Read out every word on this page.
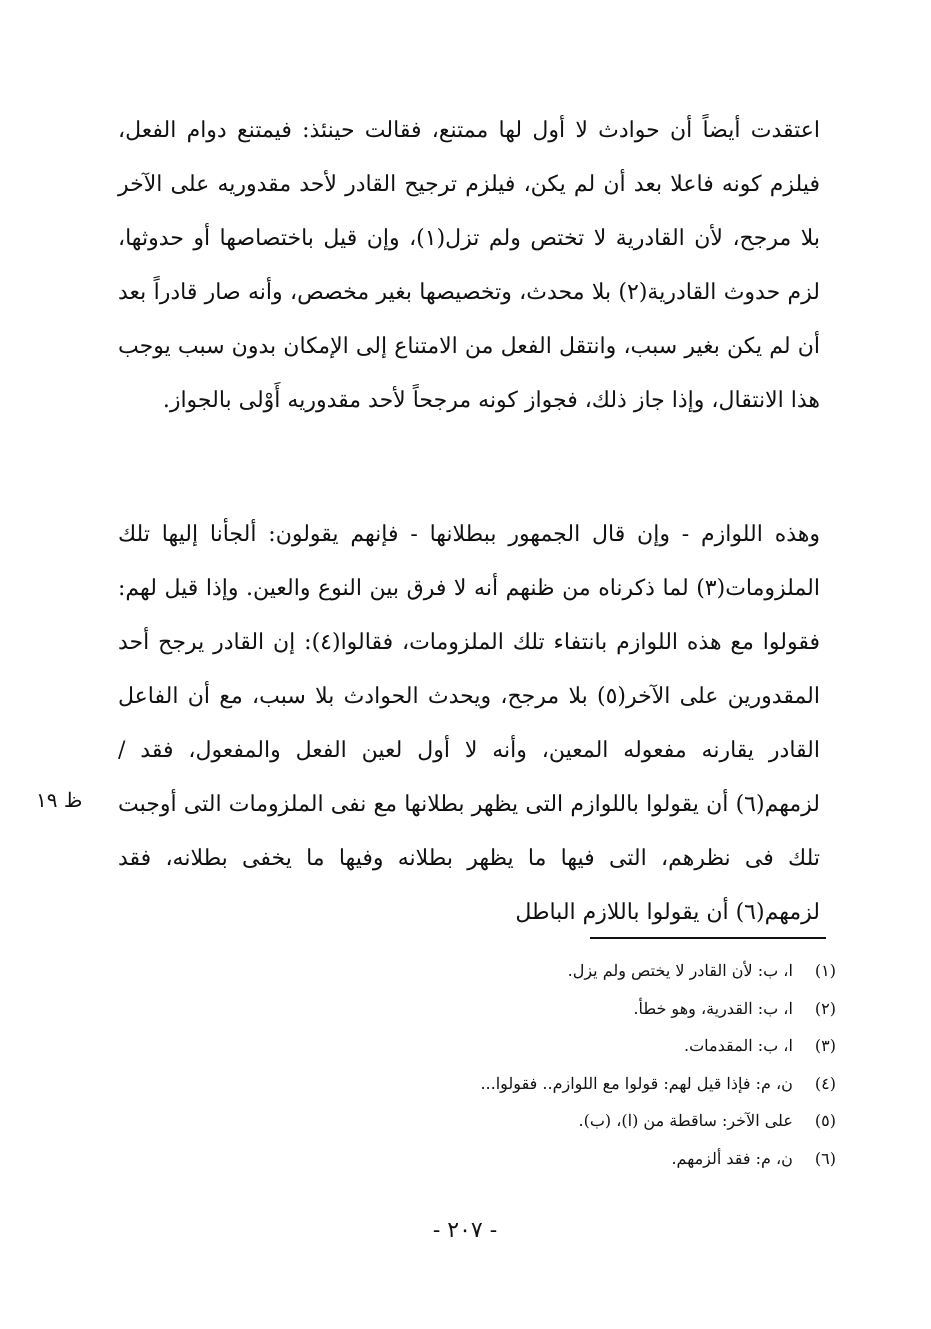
اعتقدت أيضاً أن حوادث لا أول لها ممتنع، فقالت حينئذ: فيمتنع دوام الفعل، فيلزم كونه فاعلا بعد أن لم يكن، فيلزم ترجيح القادر لأحد مقدوريه على الآخر بلا مرجح، لأن القادرية لا تختص ولم تزل(١)، وإن قيل باختصاصها أو حدوثها، لزم حدوث القادرية(٢) بلا محدث، وتخصيصها بغير مخصص، وأنه صار قادراً بعد أن لم يكن بغير سبب، وانتقل الفعل من الامتناع إلى الإمكان بدون سبب يوجب هذا الانتقال، وإذا جاز ذلك، فجواز كونه مرجحاً لأحد مقدوريه أَوْلى بالجواز.

وهذه اللوازم - وإن قال الجمهور ببطلانها - فإنهم يقولون: ألجأنا إليها تلك الملزومات(٣) لما ذكرناه من ظنهم أنه لا فرق بين النوع والعين. وإذا قيل لهم: فقولوا مع هذه اللوازم بانتفاء تلك الملزومات، فقالوا(٤): إن القادر يرجح أحد المقدورين على الآخر(٥) بلا مرجح، ويحدث الحوادث بلا سبب، مع أن الفاعل القادر يقارنه مفعوله المعين، وأنه لا أول لعين الفعل والمفعول، فقد / لزمهم(٦) أن يقولوا باللوازم التى يظهر بطلانها مع نفى الملزومات التى أوجبت تلك فى نظرهم، التى فيها ما يظهر بطلانه وفيها ما يخفى بطلانه، فقد لزمهم(٦) أن يقولوا باللازم الباطل

ظ ١٩
(١) ا، ب: لأن القادر لا يختص ولم يزل.
(٢) ا، ب: القدرية، وهو خطأ.
(٣) ا، ب: المقدمات.
(٤) ن، م: فإذا قيل لهم: قولوا مع اللوازم.. فقولوا...
(٥) على الآخر: ساقطة من (ا)، (ب).
(٦) ن، م: فقد ألزمهم.
- ٢٠٧ -
